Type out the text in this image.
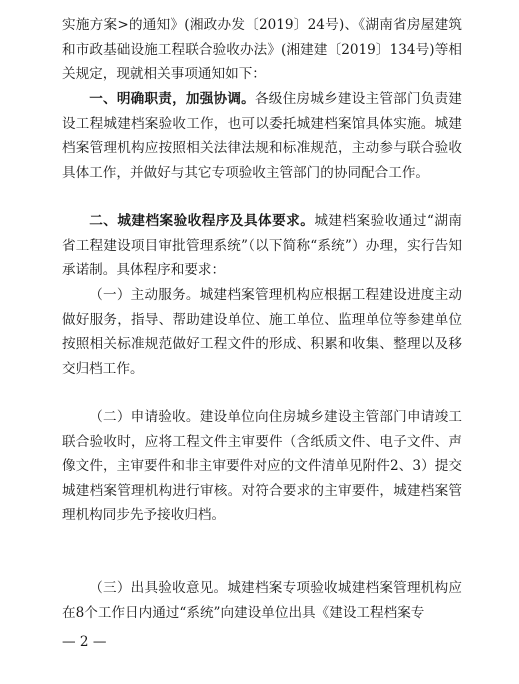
实施方案>的通知》(湘政办发〔2019〕24号)、《湖南省房屋建筑和市政基础设施工程联合验收办法》(湘建建〔2019〕134号)等相关规定，现就相关事项通知如下：

一、明确职责，加强协调。各级住房城乡建设主管部门负责建设工程城建档案验收工作，也可以委托城建档案馆具体实施。城建档案管理机构应按照相关法律法规和标准规范，主动参与联合验收具体工作，并做好与其它专项验收主管部门的协同配合工作。

二、城建档案验收程序及具体要求。城建档案验收通过“湖南省工程建设项目审批管理系统”（以下简称“系统”）办理，实行告知承诺制。具体程序和要求：

（一）主动服务。城建档案管理机构应根据工程建设进度主动做好服务，指导、帮助建设单位、施工单位、监理单位等参建单位按照相关标准规范做好工程文件的形成、积累和收集、整理以及移交归档工作。

（二）申请验收。建设单位向住房城乡建设主管部门申请竣工联合验收时，应将工程文件主审要件（含纸质文件、电子文件、声像文件，主审要件和非主审要件对应的文件清单见附件2、3）提交城建档案管理机构进行审核。对符合要求的主审要件，城建档案管理机构同步先予接收归档。

（三）出具验收意见。城建档案专项验收城建档案管理机构应在8个工作日内通过“系统”向建设单位出具《建设工程档案专

— 2 —
